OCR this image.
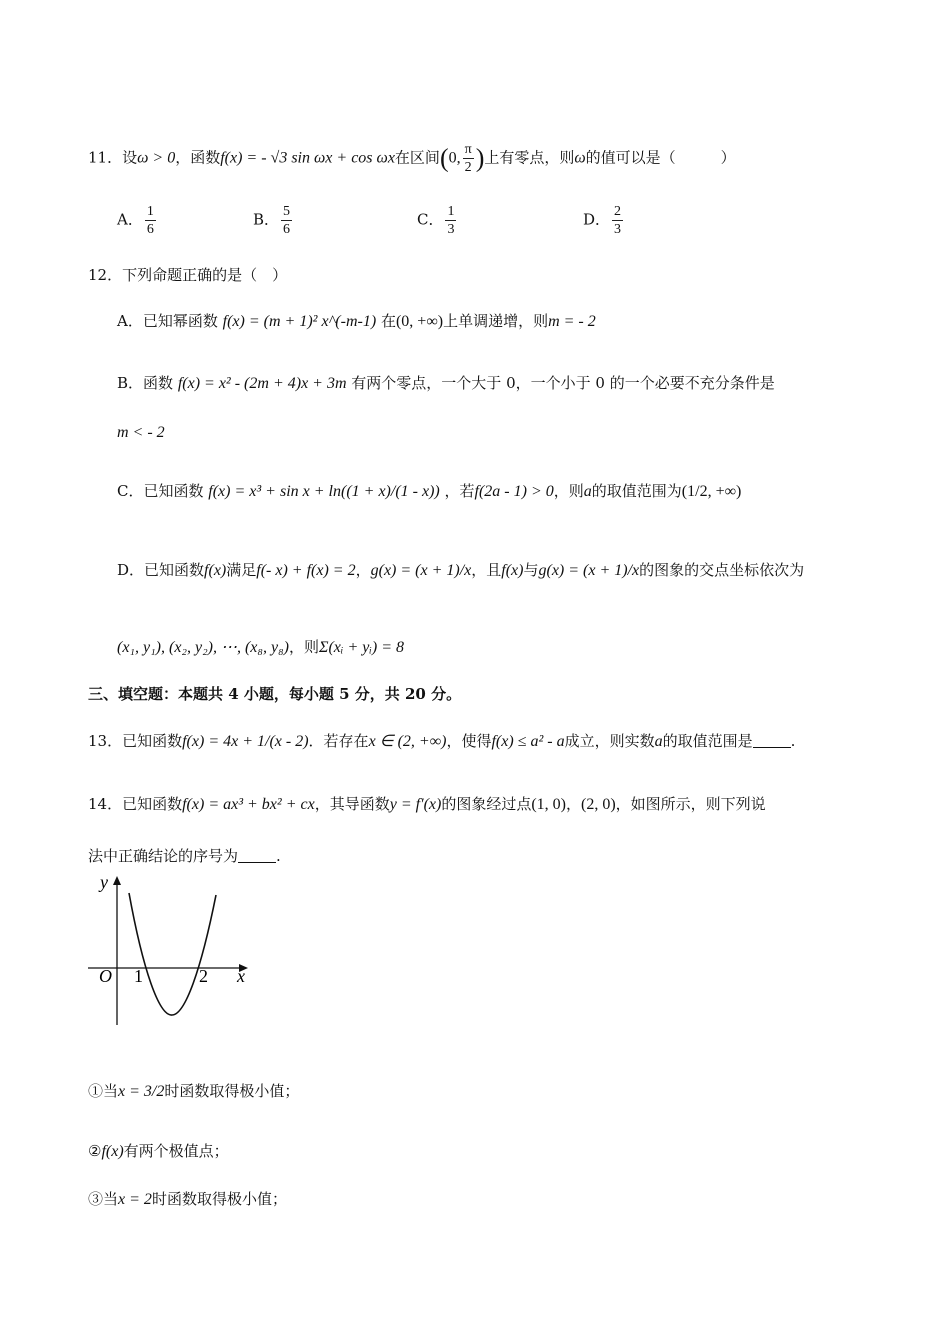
11．设ω > 0，函数f(x) = - √3 sin ωx + cos ωx在区间(0, $\frac{\pi}{2}$ )上有零点，则ω的值可以是（　　　）
A． $\frac{1}{6}$	B． $\frac{5}{6}$	C． $\frac{1}{3}$	D． $\frac{2}{3}$
12．下列命题正确的是（　）
A．已知幂函数 f(x) = (m + 1)² x^(-m-1) 在(0, +∞)上单调递增，则m = - 2
B．函数 f(x) = x² - (2m + 4)x + 3m 有两个零点，一个大于 0，一个小于 0 的一个必要不充分条件是
m < - 2
C．已知函数 f(x) = x³ + sin x + ln((1 + x)/(1 - x)) ，若f(2a - 1) > 0，则a的取值范围为(1/2, +∞)
D．已知函数f(x)满足f(- x) + f(x) = 2，g(x) = (x + 1)/x，且f(x)与g(x) = (x + 1)/x的图象的交点坐标依次为
(x₁, y₁), (x₂, y₂), ⋯, (x₈, y₈)，则Σ(xᵢ + yᵢ) = 8
三、填空题：本题共 4 小题，每小题 5 分，共 20 分。
13．已知函数f(x) = 4x + 1/(x - 2)．若存在x ∈ (2, +∞)，使得f(x) ≤ a² - a成立，则实数a的取值范围是	.
14．已知函数f(x) = ax³ + bx² + cx，其导函数y = f′(x)的图象经过点(1, 0)，(2, 0)，如图所示，则下列说
法中正确结论的序号为	.
y
x
O 1	2
①当x = 3/2时函数取得极小值；
②f(x)有两个极值点；
③当x = 2时函数取得极小值；
